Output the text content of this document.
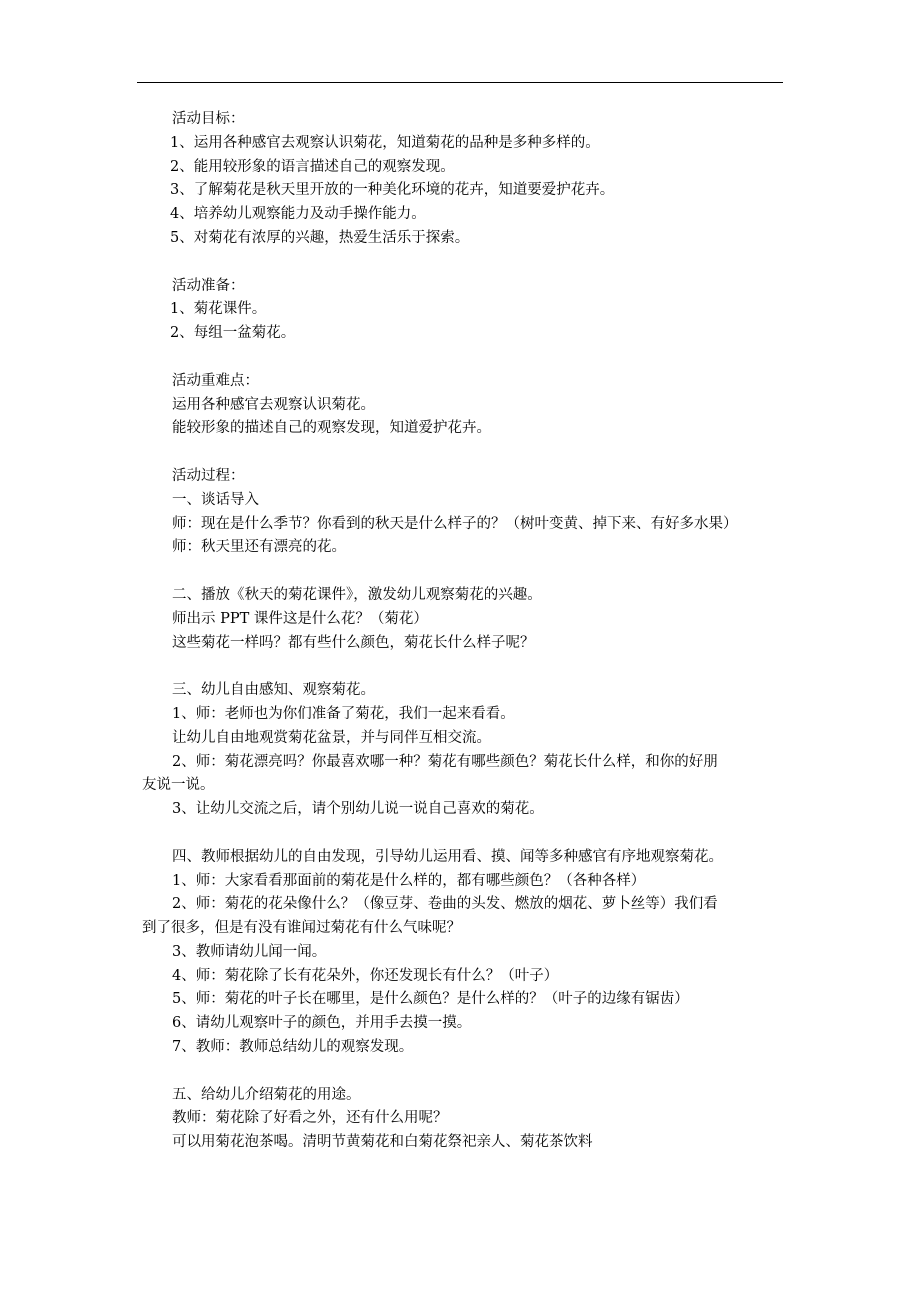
活动目标：
1、运用各种感官去观察认识菊花，知道菊花的品种是多种多样的。
2、能用较形象的语言描述自己的观察发现。
3、了解菊花是秋天里开放的一种美化环境的花卉，知道要爱护花卉。
4、培养幼儿观察能力及动手操作能力。
5、对菊花有浓厚的兴趣，热爱生活乐于探索。
活动准备：
1、菊花课件。
2、每组一盆菊花。
活动重难点：
运用各种感官去观察认识菊花。
能较形象的描述自己的观察发现，知道爱护花卉。
活动过程：
一、谈话导入
师：现在是什么季节？你看到的秋天是什么样子的？（树叶变黄、掉下来、有好多水果）
师：秋天里还有漂亮的花。
二、播放《秋天的菊花课件》，激发幼儿观察菊花的兴趣。
师出示 PPT 课件这是什么花？（菊花）
这些菊花一样吗？都有些什么颜色，菊花长什么样子呢？
三、幼儿自由感知、观察菊花。
1、师：老师也为你们准备了菊花，我们一起来看看。
让幼儿自由地观赏菊花盆景，并与同伴互相交流。
2、师：菊花漂亮吗？你最喜欢哪一种？菊花有哪些颜色？菊花长什么样，和你的好朋
友说一说。
3、让幼儿交流之后，请个别幼儿说一说自己喜欢的菊花。
四、教师根据幼儿的自由发现，引导幼儿运用看、摸、闻等多种感官有序地观察菊花。
1、师：大家看看那面前的菊花是什么样的，都有哪些颜色？（各种各样）
2、师：菊花的花朵像什么？（像豆芽、卷曲的头发、燃放的烟花、萝卜丝等）我们看
到了很多，但是有没有谁闻过菊花有什么气味呢？
3、教师请幼儿闻一闻。
4、师：菊花除了长有花朵外，你还发现长有什么？（叶子）
5、师：菊花的叶子长在哪里，是什么颜色？是什么样的？（叶子的边缘有锯齿）
6、请幼儿观察叶子的颜色，并用手去摸一摸。
7、教师：教师总结幼儿的观察发现。
五、给幼儿介绍菊花的用途。
教师：菊花除了好看之外，还有什么用呢？
可以用菊花泡茶喝。清明节黄菊花和白菊花祭祀亲人、菊花茶饮料
